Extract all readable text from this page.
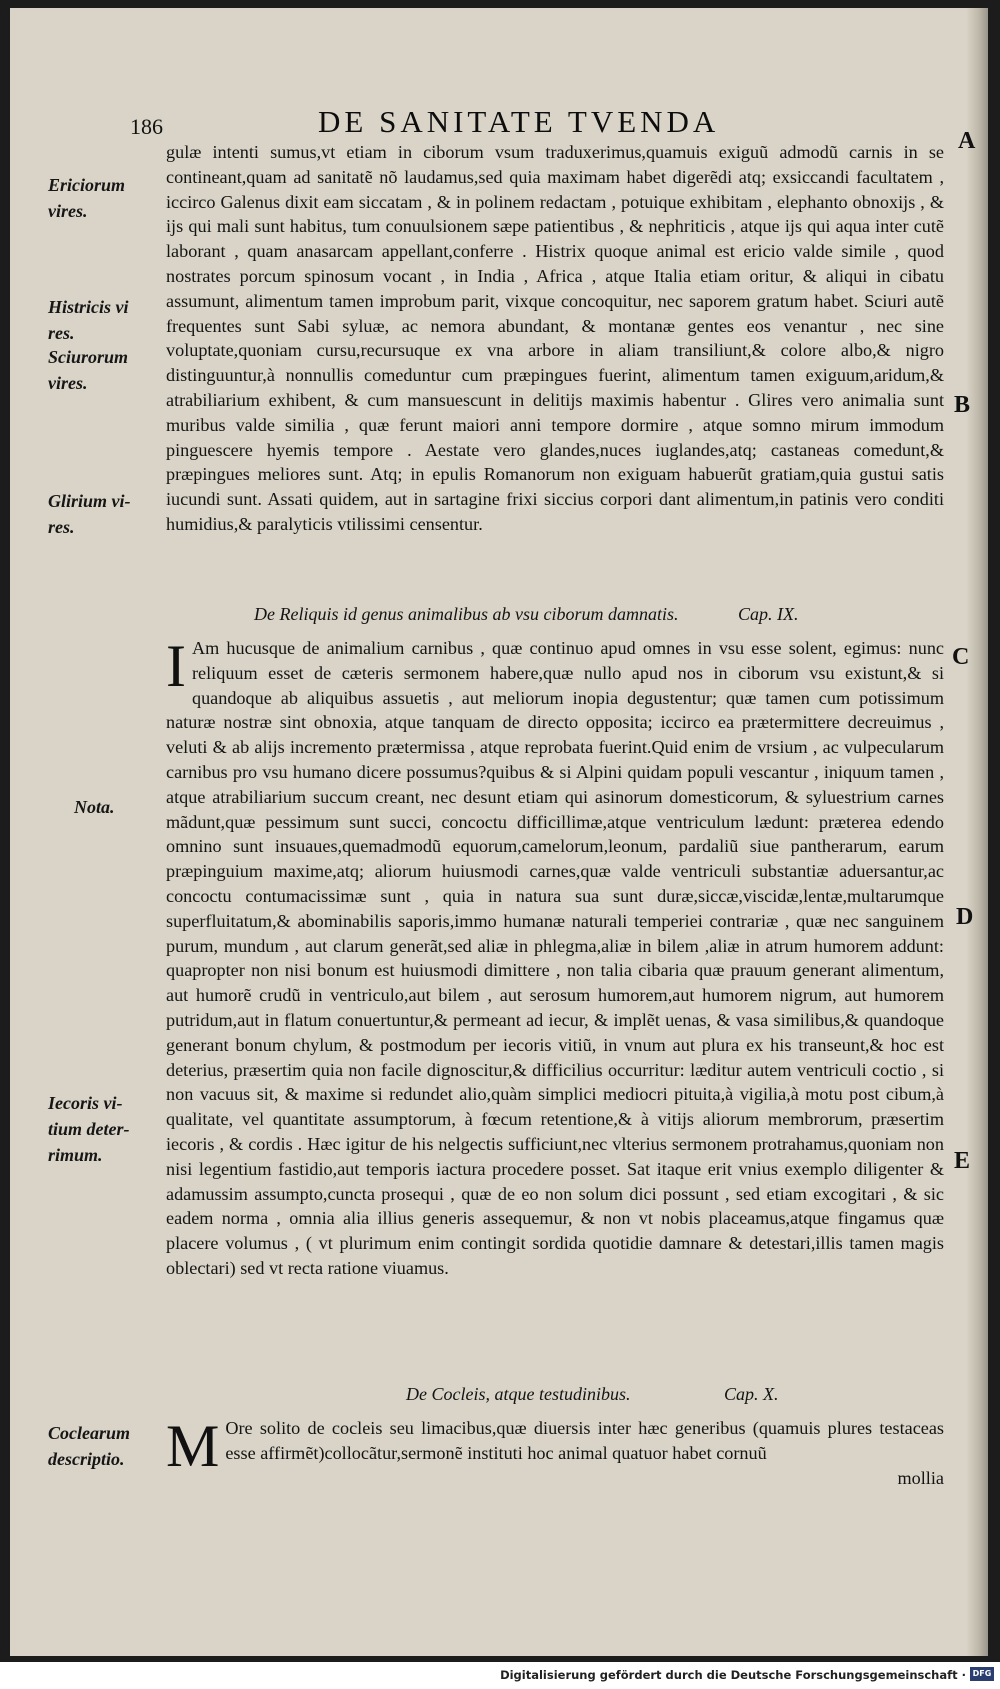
186	DE SANITATE TVENDA
A
B
C
D
E
Ericiorum
vires.
Histricis vi
res.
Sciurorum
vires.
Glirium vi-
res.
Nota.
Iecoris vi-
tium deter-
rimum.
Coclearum
descriptio.

gulæ intenti sumus,vt etiam in ciborum vsum traduxerimus,quamuis exiguũ admodũ carnis in se contineant,quam ad sanitatẽ nõ laudamus,sed quia maximam habet digerẽdi atq; exsiccandi facultatem , iccirco Galenus dixit eam siccatam , & in polinem redactam , potuique exhibitam , elephanto obnoxijs , & ijs qui mali sunt habitus, tum conuulsionem sæpe patientibus , & nephriticis , atque ijs qui aqua inter cutẽ laborant , quam anasarcam appellant,conferre . Histrix quoque animal est ericio valde simile , quod nostrates porcum spinosum vocant , in India , Africa , atque Italia etiam oritur, & aliqui in cibatu assumunt, alimentum tamen improbum parit, vixque concoquitur, nec saporem gratum habet. Sciuri autẽ frequentes sunt Sabi syluæ, ac nemora abundant, & montanæ gentes eos venantur , nec sine voluptate,quoniam cursu,recursuque ex vna arbore in aliam transiliunt,& colore albo,& nigro distinguuntur,à nonnullis comeduntur cum præpingues fuerint, alimentum tamen exiguum,aridum,& atrabiliarium exhibent, & cum mansuescunt in delitijs maximis habentur . Glires vero animalia sunt muribus valde similia , quæ ferunt maiori anni tempore dormire , atque somno mirum immodum pinguescere hyemis tempore . Aestate vero glandes,nuces iuglandes,atq; castaneas comedunt,& præpingues meliores sunt. Atq; in epulis Romanorum non exiguam habuerũt gratiam,quia gustui satis iucundi sunt. Assati quidem, aut in sartagine frixi siccius corpori dant alimentum,in patinis vero conditi humidius,& paralyticis vtilissimi censentur.

De Reliquis id genus animalibus ab vsu ciborum damnatis.	Cap. IX.

I Am hucusque de animalium carnibus , quæ continuo apud omnes in vsu esse solent, egimus: nunc reliquum esset de cæteris sermonem habere,quæ nullo apud nos in ciborum vsu existunt,& si quandoque ab aliquibus assuetis , aut meliorum inopia degustentur; quæ tamen cum potissimum naturæ nostræ sint obnoxia, atque tanquam de directo opposita; iccirco ea prætermittere decreuimus , veluti & ab alijs incremento prætermissa , atque reprobata fuerint.Quid enim de vrsium , ac vulpecularum carnibus pro vsu humano dicere possumus?quibus & si Alpini quidam populi vescantur , iniquum tamen , atque atrabiliarium succum creant, nec desunt etiam qui asinorum domesticorum, & syluestrium carnes mãdunt,quæ pessimum sunt succi, concoctu difficillimæ,atque ventriculum lædunt: præterea edendo omnino sunt insuaues,quemadmodũ equorum,camelorum,leonum, pardaliũ siue pantherarum, earum præpinguium maxime,atq; aliorum huiusmodi carnes,quæ valde ventriculi substantiæ aduersantur,ac concoctu contumacissimæ sunt , quia in natura sua sunt duræ,siccæ,viscidæ,lentæ,multarumque superfluitatum,& abominabilis saporis,immo humanæ naturali temperiei contrariæ , quæ nec sanguinem purum, mundum , aut clarum generãt,sed aliæ in phlegma,aliæ in bilem ,aliæ in atrum humorem addunt: quapropter non nisi bonum est huiusmodi dimittere , non talia cibaria quæ prauum generant alimentum, aut humorẽ crudũ in ventriculo,aut bilem , aut serosum humorem,aut humorem nigrum, aut humorem putridum,aut in flatum conuertuntur,& permeant ad iecur, & implẽt uenas, & vasa similibus,& quandoque generant bonum chylum, & postmodum per iecoris vitiũ, in vnum aut plura ex his transeunt,& hoc est deterius, præsertim quia non facile dignoscitur,& difficilius occurritur: læditur autem ventriculi coctio , si non vacuus sit, & maxime si redundet alio,quàm simplici mediocri pituita,à vigilia,à motu post cibum,à qualitate, vel quantitate assumptorum, à fœcum retentione,& à vitijs aliorum membrorum, præsertim iecoris , & cordis . Hæc igitur de his nelgectis sufficiunt,nec vlterius sermonem protrahamus,quoniam non nisi legentium fastidio,aut temporis iactura procedere posset. Sat itaque erit vnius exemplo diligenter & adamussim assumpto,cuncta prosequi , quæ de eo non solum dici possunt , sed etiam excogitari , & sic eadem norma , omnia alia illius generis assequemur, & non vt nobis placeamus,atque fingamus quæ placere volumus , ( vt plurimum enim contingit sordida quotidie damnare & detestari,illis tamen magis oblectari) sed vt recta ratione viuamus.

De Cocleis, atque testudinibus.	Cap. X.

M Ore solito de cocleis seu limacibus,quæ diuersis inter hæc generibus (quamuis plures testaceas esse affirmẽt)collocãtur,sermonẽ instituti hoc animal quatuor habet cornuũ

mollia

Digitalisierung gefördert durch die Deutsche Forschungsgemeinschaft · DFG
